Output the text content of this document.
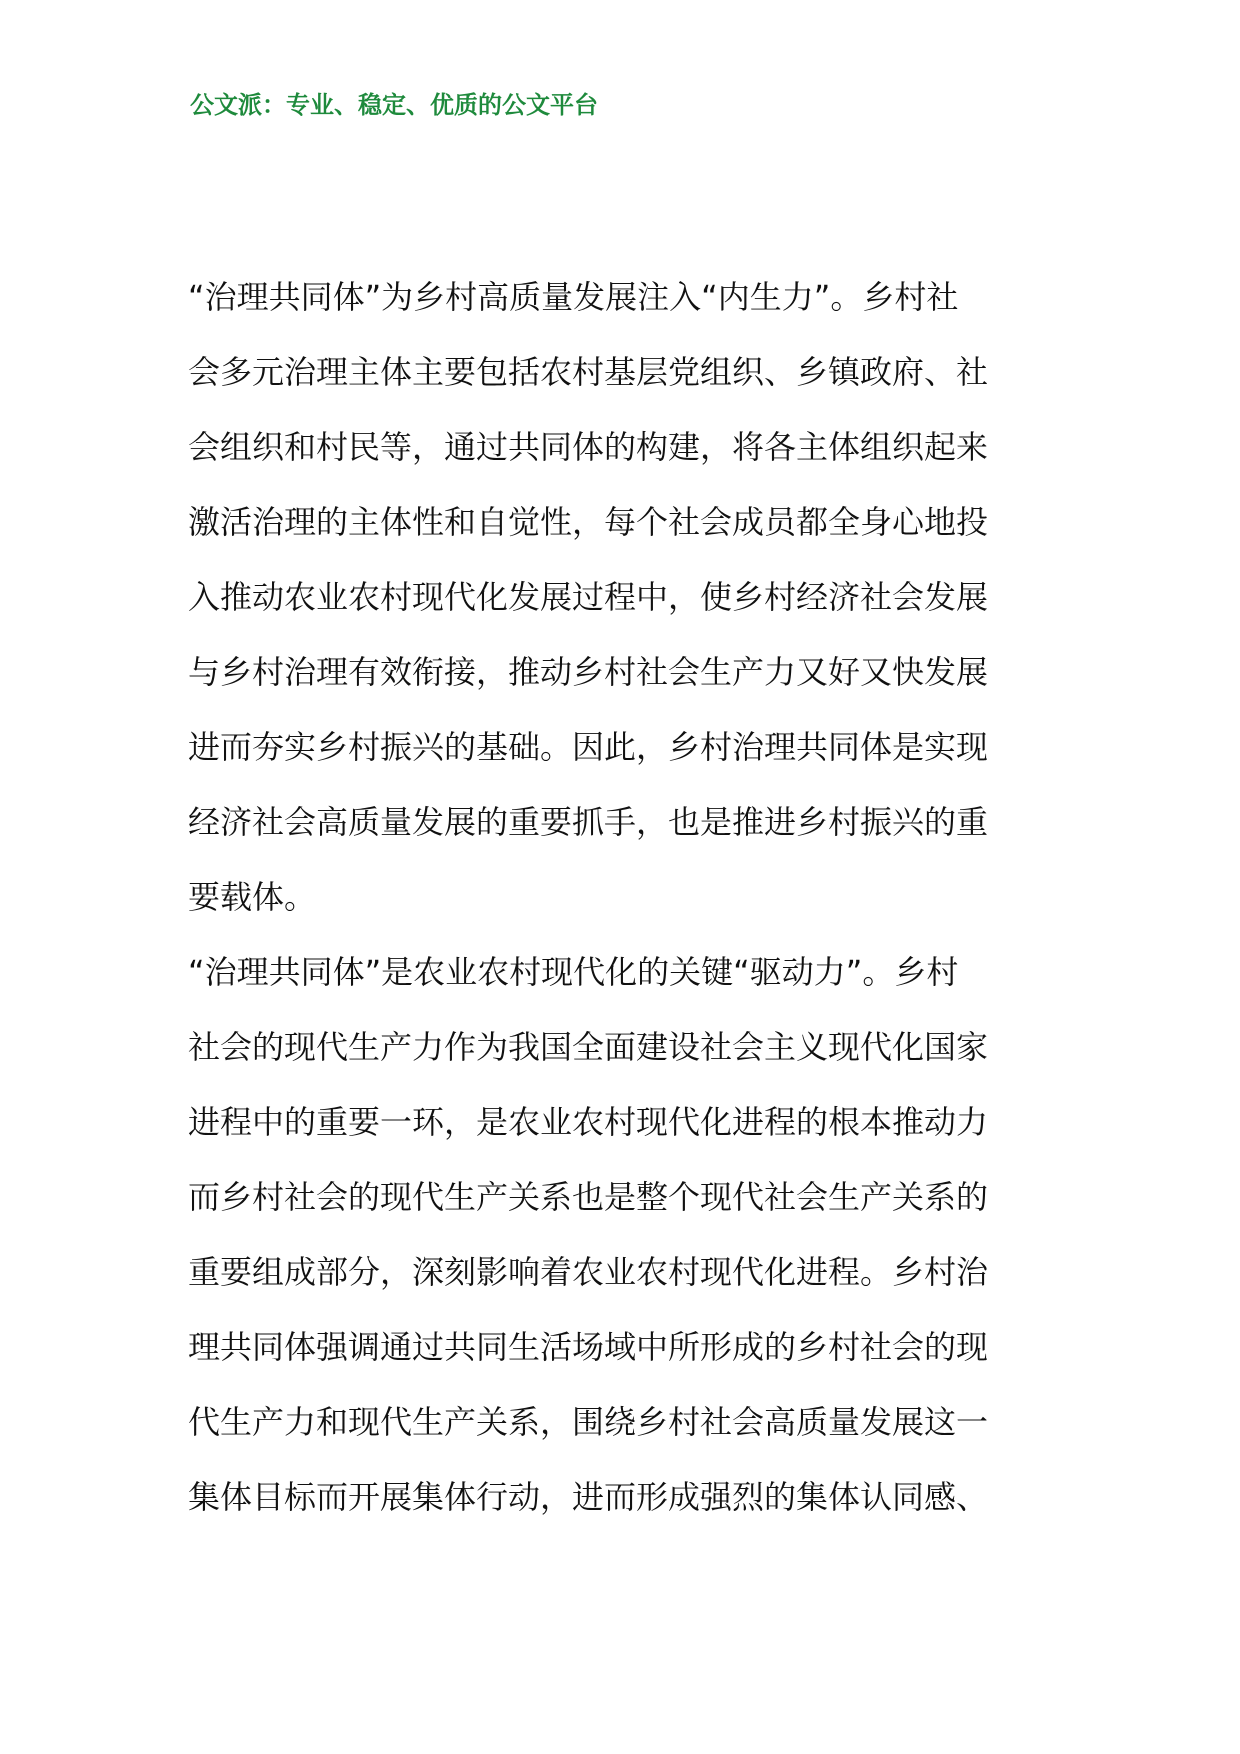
公文派：专业、稳定、优质的公文平台
“治理共同体”为乡村高质量发展注入“内生力”。乡村社
会多元治理主体主要包括农村基层党组织、乡镇政府、社
会组织和村民等，通过共同体的构建，将各主体组织起来
激活治理的主体性和自觉性，每个社会成员都全身心地投
入推动农业农村现代化发展过程中，使乡村经济社会发展
与乡村治理有效衔接，推动乡村社会生产力又好又快发展
进而夯实乡村振兴的基础。因此，乡村治理共同体是实现
经济社会高质量发展的重要抓手，也是推进乡村振兴的重
要载体。
“治理共同体”是农业农村现代化的关键“驱动力”。乡村
社会的现代生产力作为我国全面建设社会主义现代化国家
进程中的重要一环，是农业农村现代化进程的根本推动力
而乡村社会的现代生产关系也是整个现代社会生产关系的
重要组成部分，深刻影响着农业农村现代化进程。乡村治
理共同体强调通过共同生活场域中所形成的乡村社会的现
代生产力和现代生产关系，围绕乡村社会高质量发展这一
集体目标而开展集体行动，进而形成强烈的集体认同感、
